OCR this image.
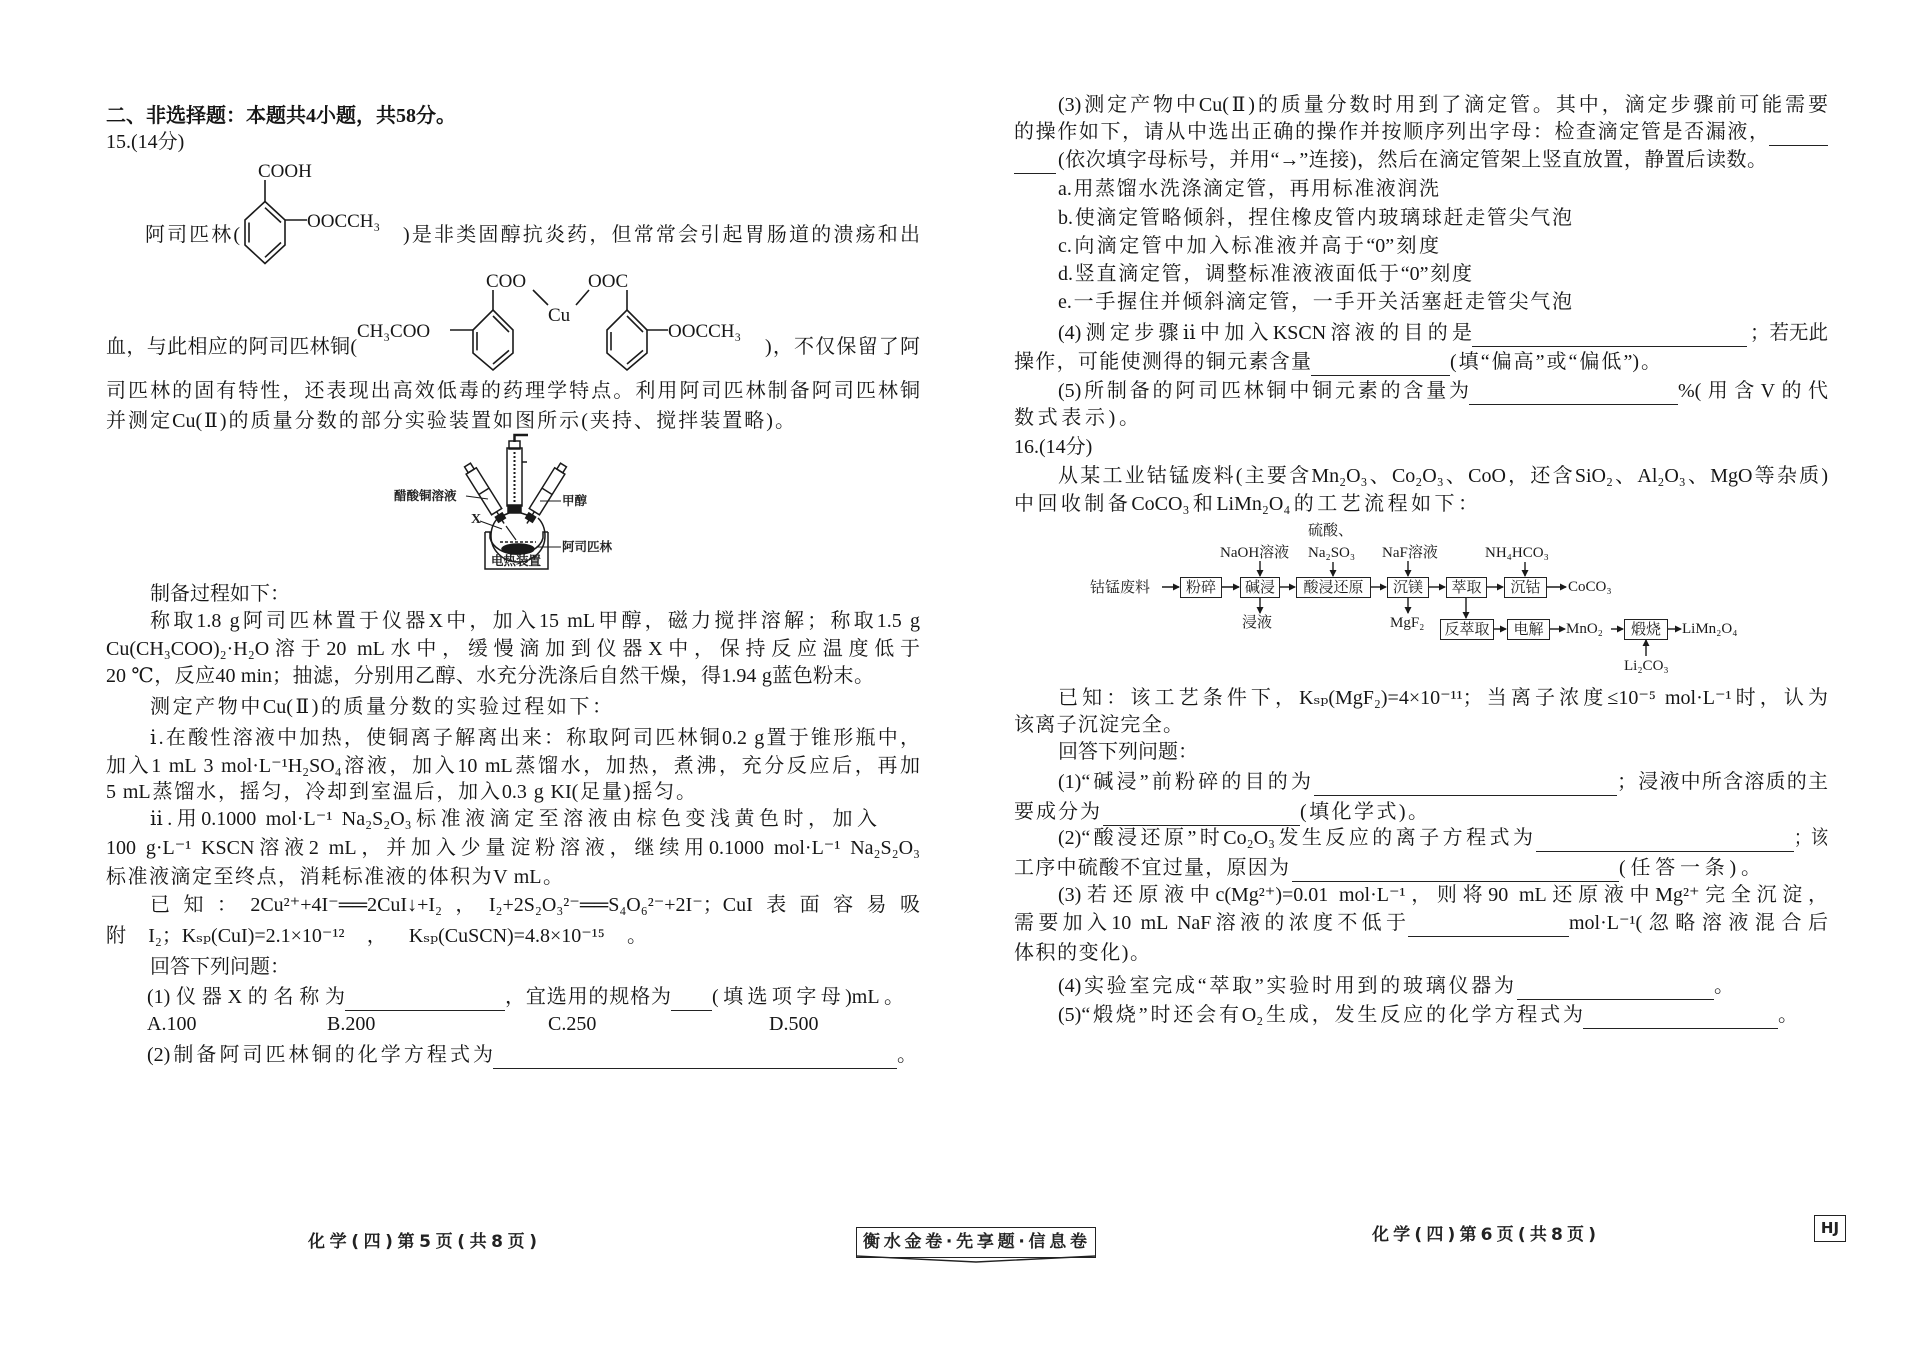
二、非选择题：本题共4小题，共58分。
15.(14分)
阿司匹林(
COOH
OOCCH₃
)是非类固醇抗炎药，但常常会引起胃肠道的溃疡和出
血，与此相应的阿司匹林铜(
CH₃COO
COO
Cu
OOC
OOCCH₃
)，不仅保留了阿
司匹林的固有特性，还表现出高效低毒的药理学特点。利用阿司匹林制备阿司匹林铜
并测定Cu(Ⅱ)的质量分数的部分实验装置如图所示(夹持、搅拌装置略)。
醋酸铜溶液	甲醇
X
阿司匹林
电热装置
制备过程如下：
称取1.8 g阿司匹林置于仪器X中，加入15 mL甲醇，磁力搅拌溶解；称取1.5 g
Cu(CH₃COO)₂·H₂O溶于20 mL水中，缓慢滴加到仪器X中，保持反应温度低于
20 ℃，反应40 min；抽滤，分别用乙醇、水充分洗涤后自然干燥，得1.94 g蓝色粉末。
测定产物中Cu(Ⅱ)的质量分数的实验过程如下：
ⅰ.在酸性溶液中加热，使铜离子解离出来：称取阿司匹林铜0.2 g置于锥形瓶中，
加入1 mL 3 mol·L⁻¹H₂SO₄溶液，加入10 mL蒸馏水，加热，煮沸，充分反应后，再加
5 mL蒸馏水，摇匀，冷却到室温后，加入0.3 g KI(足量)摇匀。
ⅱ.用0.1000 mol·L⁻¹ Na₂S₂O₃标准液滴定至溶液由棕色变浅黄色时，加入
100 g·L⁻¹ KSCN溶液2 mL，并加入少量淀粉溶液，继续用0.1000 mol·L⁻¹ Na₂S₂O₃
标准液滴定至终点，消耗标准液的体积为V mL。
已知：2Cu²⁺+4I⁻══2CuI↓+I₂，I₂+2S₂O₃²⁻══S₄O₆²⁻+2I⁻；CuI表面容易吸
附I₂；Kₛₚ(CuI)=2.1×10⁻¹²，Kₛₚ(CuSCN)=4.8×10⁻¹⁵。
回答下列问题：
(1)仪器X的名称为	，宜选用的规格为 (填选项字母)mL。
A.100	B.200	C.250	D.500
(2)制备阿司匹林铜的化学方程式为	。
(3)测定产物中Cu(Ⅱ)的质量分数时用到了滴定管。其中，滴定步骤前可能需要
的操作如下，请从中选出正确的操作并按顺序列出字母：检查滴定管是否漏液，
(依次填字母标号，并用“→”连接)，然后在滴定管架上竖直放置，静置后读数。
a.用蒸馏水洗涤滴定管，再用标准液润洗
b.使滴定管略倾斜，捏住橡皮管内玻璃球赶走管尖气泡
c.向滴定管中加入标准液并高于“0”刻度
d.竖直滴定管，调整标准液液面低于“0”刻度
e.一手握住并倾斜滴定管，一手开关活塞赶走管尖气泡
(4)测定步骤ⅱ中加入KSCN溶液的目的是	；若无此
操作，可能使测得的铜元素含量	(填“偏高”或“偏低”)。
(5)所制备的阿司匹林铜中铜元素的含量为	%(用含V的代
数式表示)。
16.(14分)
从某工业钴锰废料(主要含Mn₂O₃、Co₂O₃、CoO，还含SiO₂、Al₂O₃、MgO等杂质)
中回收制备CoCO₃和LiMn₂O₄的工艺流程如下：
钴锰废料	粉碎	碱浸	酸浸还原	沉镁	萃取	沉钴	CoCO₃
NaOH溶液
硫酸、
Na₂SO₃ NaF溶液	NH₄HCO₃
浸液	MgF₂ 反萃取	电解	MnO₂	煅烧	LiMn₂O₄
Li₂CO₃
已知：该工艺条件下，Kₛₚ(MgF₂)=4×10⁻¹¹；当离子浓度≤10⁻⁵ mol·L⁻¹时，认为
该离子沉淀完全。
回答下列问题：
(1)“碱浸”前粉碎的目的为	；浸液中所含溶质的主
要成分为	(填化学式)。
(2)“酸浸还原”时Co₂O₃发生反应的离子方程式为	；该
工序中硫酸不宜过量，原因为	(任答一条)。
(3)若还原液中c(Mg²⁺)=0.01 mol·L⁻¹，则将90 mL还原液中Mg²⁺完全沉淀，
需要加入10 mL NaF溶液的浓度不低于	mol·L⁻¹(忽略溶液混合后
体积的变化)。
(4)实验室完成“萃取”实验时用到的玻璃仪器为	。
(5)“煅烧”时还会有O₂生成，发生反应的化学方程式为	。
化学(四)第5页(共8页)	衡水金卷·先享题·信息卷	化学(四)第6页(共8页)	HJ
